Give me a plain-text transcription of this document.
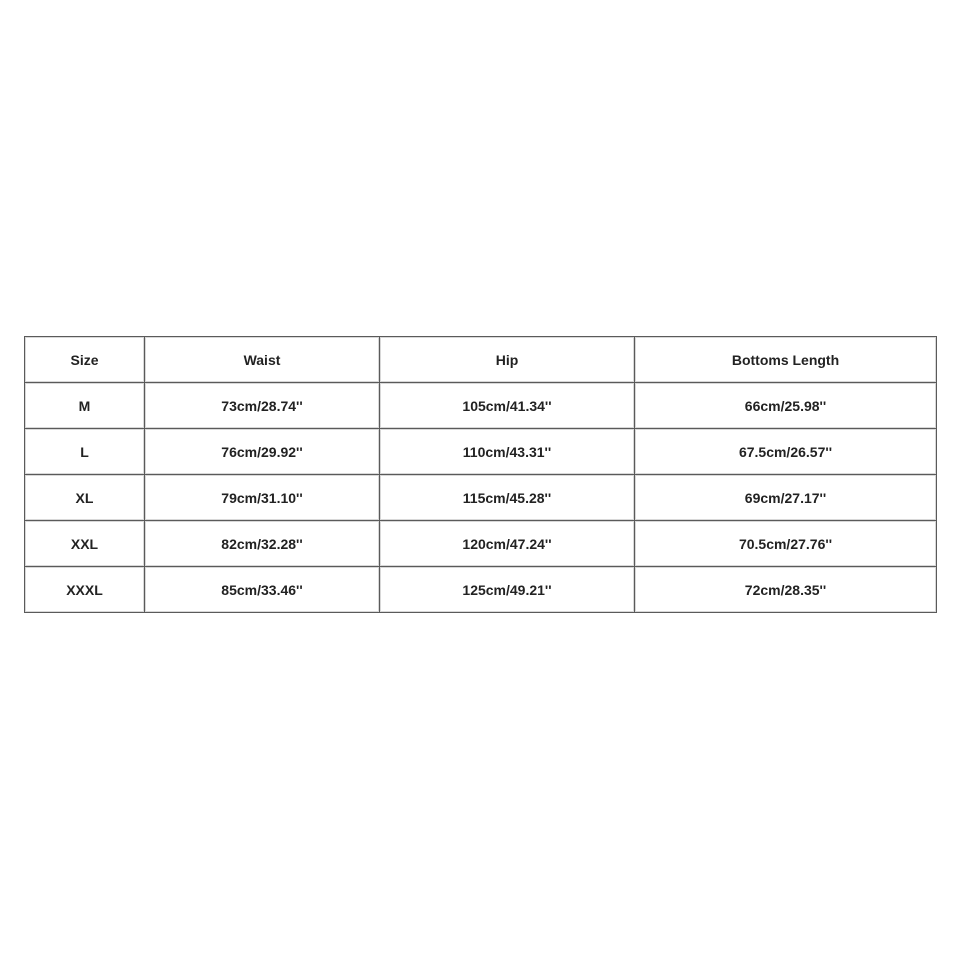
Size	Waist	Hip	Bottoms Length
M	73cm/28.74''	105cm/41.34''	66cm/25.98''
L	76cm/29.92''	110cm/43.31''	67.5cm/26.57''
XL	79cm/31.10''	115cm/45.28''	69cm/27.17''
XXL	82cm/32.28''	120cm/47.24''	70.5cm/27.76''
XXXL	85cm/33.46''	125cm/49.21''	72cm/28.35''
